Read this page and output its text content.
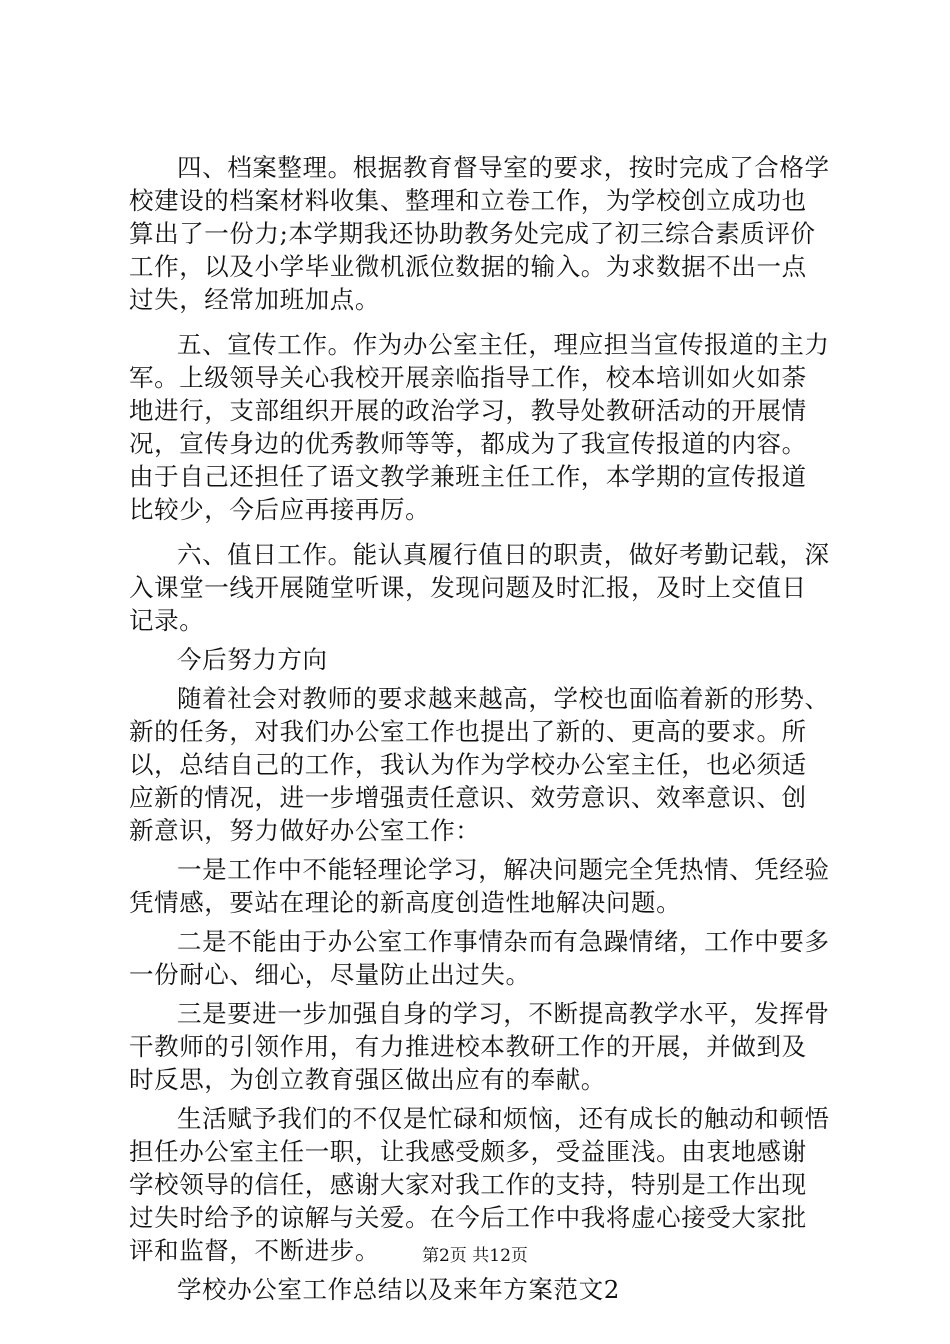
四、档案整理。根据教育督导室的要求，按时完成了合格学
校建设的档案材料收集、整理和立卷工作，为学校创立成功也
算出了一份力;本学期我还协助教务处完成了初三综合素质评价
工作，以及小学毕业微机派位数据的输入。为求数据不出一点
过失，经常加班加点。
五、宣传工作。作为办公室主任，理应担当宣传报道的主力
军。上级领导关心我校开展亲临指导工作，校本培训如火如荼
地进行，支部组织开展的政治学习，教导处教研活动的开展情
况，宣传身边的优秀教师等等，都成为了我宣传报道的内容。
由于自己还担任了语文教学兼班主任工作，本学期的宣传报道
比较少，今后应再接再厉。
六、值日工作。能认真履行值日的职责，做好考勤记载，深
入课堂一线开展随堂听课，发现问题及时汇报，及时上交值日
记录。
今后努力方向
随着社会对教师的要求越来越高，学校也面临着新的形势、
新的任务，对我们办公室工作也提出了新的、更高的要求。所
以，总结自己的工作，我认为作为学校办公室主任，也必须适
应新的情况，进一步增强责任意识、效劳意识、效率意识、创
新意识，努力做好办公室工作：
一是工作中不能轻理论学习，解决问题完全凭热情、凭经验
凭情感，要站在理论的新高度创造性地解决问题。
二是不能由于办公室工作事情杂而有急躁情绪，工作中要多
一份耐心、细心，尽量防止出过失。
三是要进一步加强自身的学习，不断提高教学水平，发挥骨
干教师的引领作用，有力推进校本教研工作的开展，并做到及
时反思，为创立教育强区做出应有的奉献。
生活赋予我们的不仅是忙碌和烦恼，还有成长的触动和顿悟
担任办公室主任一职，让我感受颇多，受益匪浅。由衷地感谢
学校领导的信任，感谢大家对我工作的支持，特别是工作出现
过失时给予的谅解与关爱。在今后工作中我将虚心接受大家批
评和监督，不断进步。
学校办公室工作总结以及来年方案范文2
第2页 共12页
